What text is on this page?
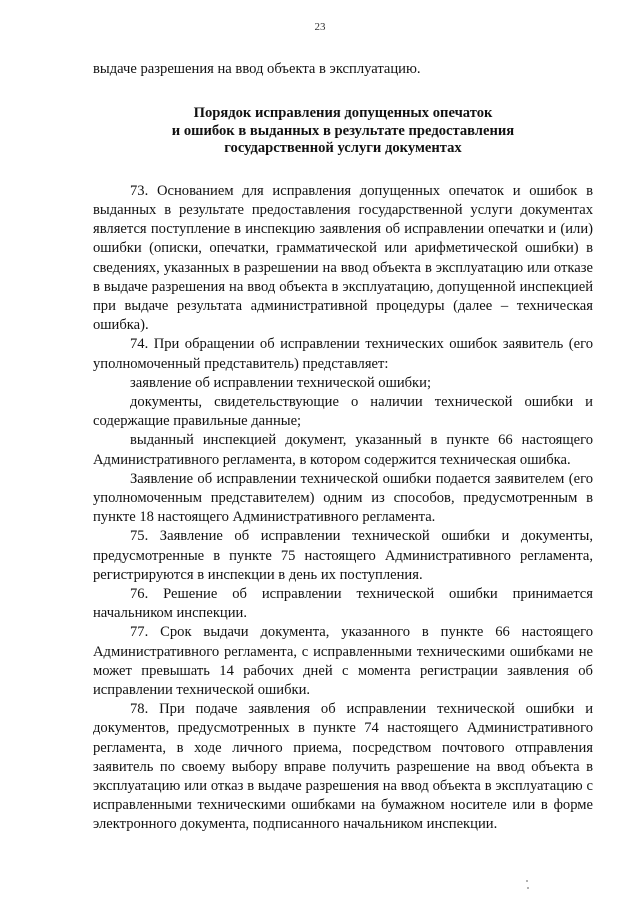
23

выдаче разрешения на ввод объекта в эксплуатацию.

Порядок исправления допущенных опечаток
и ошибок в выданных в результате предоставления
государственной услуги документах

73. Основанием для исправления допущенных опечаток и ошибок в выданных в результате предоставления государственной услуги документах является поступление в инспекцию заявления об исправлении опечатки и (или) ошибки (описки, опечатки, грамматической или арифметической ошибки) в сведениях, указанных в разрешении на ввод объекта в эксплуатацию или отказе в выдаче разрешения на ввод объекта в эксплуатацию, допущенной инспекцией при выдаче результата административной процедуры (далее – техническая ошибка).

74. При обращении об исправлении технических ошибок заявитель (его уполномоченный представитель) представляет:

заявление об исправлении технической ошибки;

документы, свидетельствующие о наличии технической ошибки и содержащие правильные данные;

выданный инспекцией документ, указанный в пункте 66 настоящего Административного регламента, в котором содержится техническая ошибка.

Заявление об исправлении технической ошибки подается заявителем (его уполномоченным представителем) одним из способов, предусмотренным в пункте 18 настоящего Административного регламента.

75. Заявление об исправлении технической ошибки и документы, предусмотренные в пункте 75 настоящего Административного регламента, регистрируются в инспекции в день их поступления.

76. Решение об исправлении технической ошибки принимается начальником инспекции.

77. Срок выдачи документа, указанного в пункте 66 настоящего Административного регламента, с исправленными техническими ошибками не может превышать 14 рабочих дней с момента регистрации заявления об исправлении технической ошибки.

78. При подаче заявления об исправлении технической ошибки и документов, предусмотренных в пункте 74 настоящего Административного регламента, в ходе личного приема, посредством почтового отправления заявитель по своему выбору вправе получить разрешение на ввод объекта в эксплуатацию или отказ в выдаче разрешения на ввод объекта в эксплуатацию с исправленными техническими ошибками на бумажном носителе или в форме электронного документа, подписанного начальником инспекции.
